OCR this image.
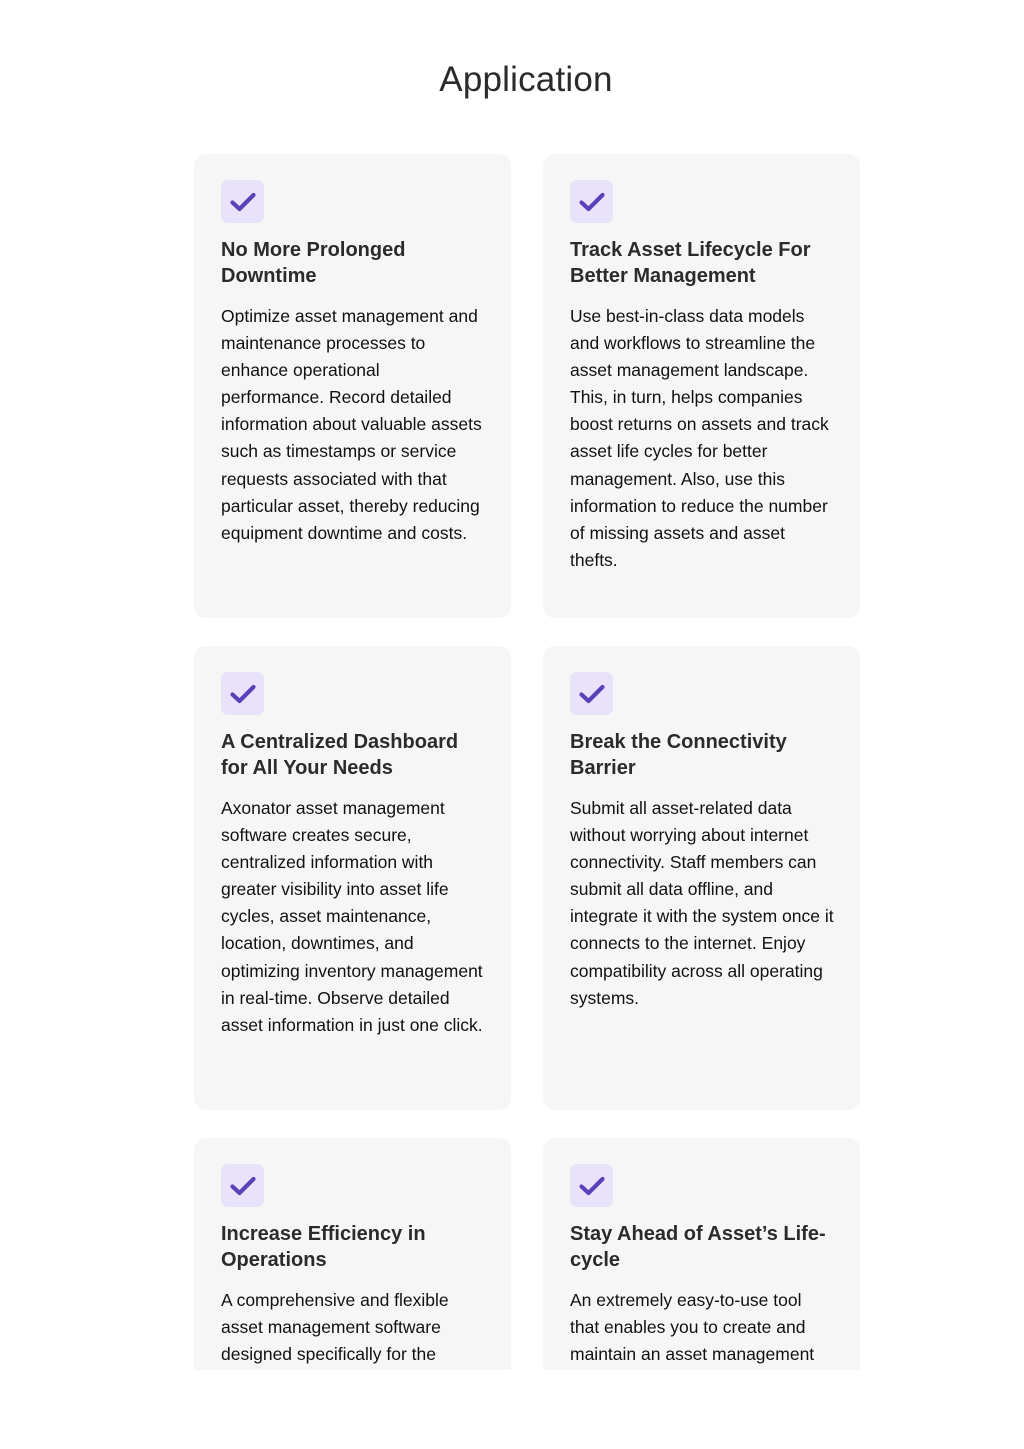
Application
No More Prolonged Downtime

Optimize asset management and maintenance processes to enhance operational performance. Record detailed information about valuable assets such as timestamps or service requests associated with that particular asset, thereby reducing equipment downtime and costs.

Track Asset Lifecycle For Better Management

Use best-in-class data models and workflows to streamline the asset management landscape. This, in turn, helps companies boost returns on assets and track asset life cycles for better management. Also, use this information to reduce the number of missing assets and asset thefts.

A Centralized Dashboard for All Your Needs

Axonator asset management software creates secure, centralized information with greater visibility into asset life cycles, asset maintenance, location, downtimes, and optimizing inventory management in real-time. Observe detailed asset information in just one click.

Break the Connectivity Barrier

Submit all asset-related data without worrying about internet connectivity. Staff members can submit all data offline, and integrate it with the system once it connects to the internet. Enjoy compatibility across all operating systems.

Increase Efficiency in Operations

A comprehensive and flexible asset management software designed specifically for the

Stay Ahead of Asset’s Life-cycle

An extremely easy-to-use tool that enables you to create and maintain an asset management
